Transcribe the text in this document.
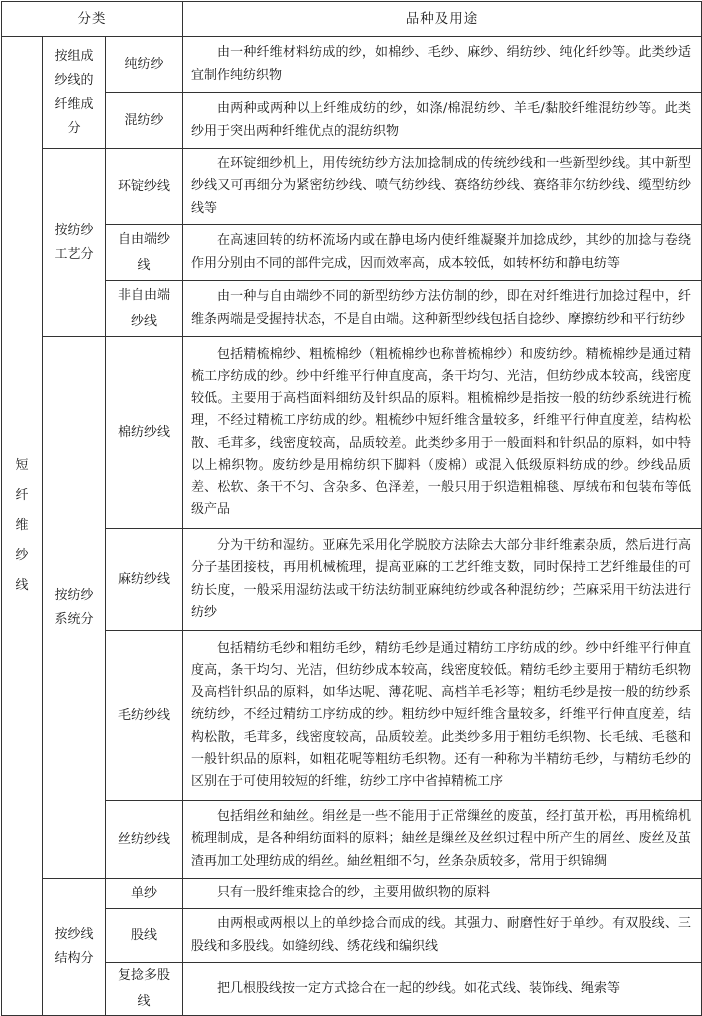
分类			品种及用途
短纤维纱线	按组成纱线的纤维成分	纯纺纱	由一种纤维材料纺成的纱，如棉纱、毛纱、麻纱、绢纺纱、纯化纤纱等。此类纱适宜制作纯纺织物

		混纺纱	由两种或两种以上纤维成纺的纱，如涤/棉混纺纱、羊毛/黏胶纤维混纺纱等。此类纱用于突出两种纤维优点的混纺织物

	按纺纱工艺分	环锭纱线	在环锭细纱机上，用传统纺纱方法加捻制成的传统纱线和一些新型纱线。其中新型纱线又可再细分为紧密纺纱线、喷气纺纱线、赛络纺纱线、赛络菲尔纺纱线、缆型纺纱线等

		自由端纱线	在高速回转的纺杯流场内或在静电场内使纤维凝聚并加捻成纱，其纱的加捻与卷绕作用分别由不同的部件完成，因而效率高，成本较低，如转杯纺和静电纺等

		非自由端纱线	由一种与自由端纱不同的新型纺纱方法仿制的纱，即在对纤维进行加捻过程中，纤维条两端是受握持状态，不是自由端。这种新型纱线包括自捻纱、摩擦纺纱和平行纺纱

	按纺纱系统分	棉纺纱线	包括精梳棉纱、粗梳棉纱（粗梳棉纱也称普梳棉纱）和废纺纱。精梳棉纱是通过精梳工序纺成的纱。纱中纤维平行伸直度高，条干均匀、光洁，但纺纱成本较高，线密度较低。主要用于高档面料细纺及针织品的原料。粗梳棉纱是指按一般的纺纱系统进行梳理，不经过精梳工序纺成的纱。粗梳纱中短纤维含量较多，纤维平行伸直度差，结构松散、毛茸多，线密度较高，品质较差。此类纱多用于一般面料和针织品的原料，如中特以上棉织物。废纺纱是用棉纺织下脚料（废棉）或混入低级原料纺成的纱。纱线品质差、松软、条干不匀、含杂多、色泽差，一般只用于织造粗棉毯、厚绒布和包装布等低级产品

		麻纺纱线	分为干纺和湿纺。亚麻先采用化学脱胶方法除去大部分非纤维素杂质，然后进行高分子基团接枝，再用机械梳理，提高亚麻的工艺纤维支数，同时保持工艺纤维最佳的可纺长度，一般采用湿纺法或干纺法纺制亚麻纯纺纱或各种混纺纱；苎麻采用干纺法进行纺纱

		毛纺纱线	包括精纺毛纱和粗纺毛纱，精纺毛纱是通过精纺工序纺成的纱。纱中纤维平行伸直度高，条干均匀、光洁，但纺纱成本较高，线密度较低。精纺毛纱主要用于精纺毛织物及高档针织品的原料，如华达呢、薄花呢、高档羊毛衫等；粗纺毛纱是按一般的纺纱系统纺纱，不经过精纺工序纺成的纱。粗纺纱中短纤维含量较多，纤维平行伸直度差，结构松散，毛茸多，线密度较高，品质较差。此类纱多用于粗纺毛织物、长毛绒、毛毯和一般针织品的原料，如粗花呢等粗纺毛织物。还有一种称为半精纺毛纱，与精纺毛纱的区别在于可使用较短的纤维，纺纱工序中省掉精梳工序

		丝纺纱线	包括绢丝和紬丝。绢丝是一些不能用于正常缫丝的废茧，经打茧开松，再用梳绵机梳理制成，是各种绢纺面料的原料；紬丝是缫丝及丝织过程中所产生的屑丝、废丝及茧渣再加工处理纺成的绢丝。紬丝粗细不匀，丝条杂质较多，常用于织锦绸

	按纱线结构分	单纱	只有一股纤维束捻合的纱，主要用做织物的原料

		股线	由两根或两根以上的单纱捻合而成的线。其强力、耐磨性好于单纱。有双股线、三股线和多股线。如缝纫线、绣花线和编织线

		复捻多股线	把几根股线按一定方式捻合在一起的纱线。如花式线、装饰线、绳索等
